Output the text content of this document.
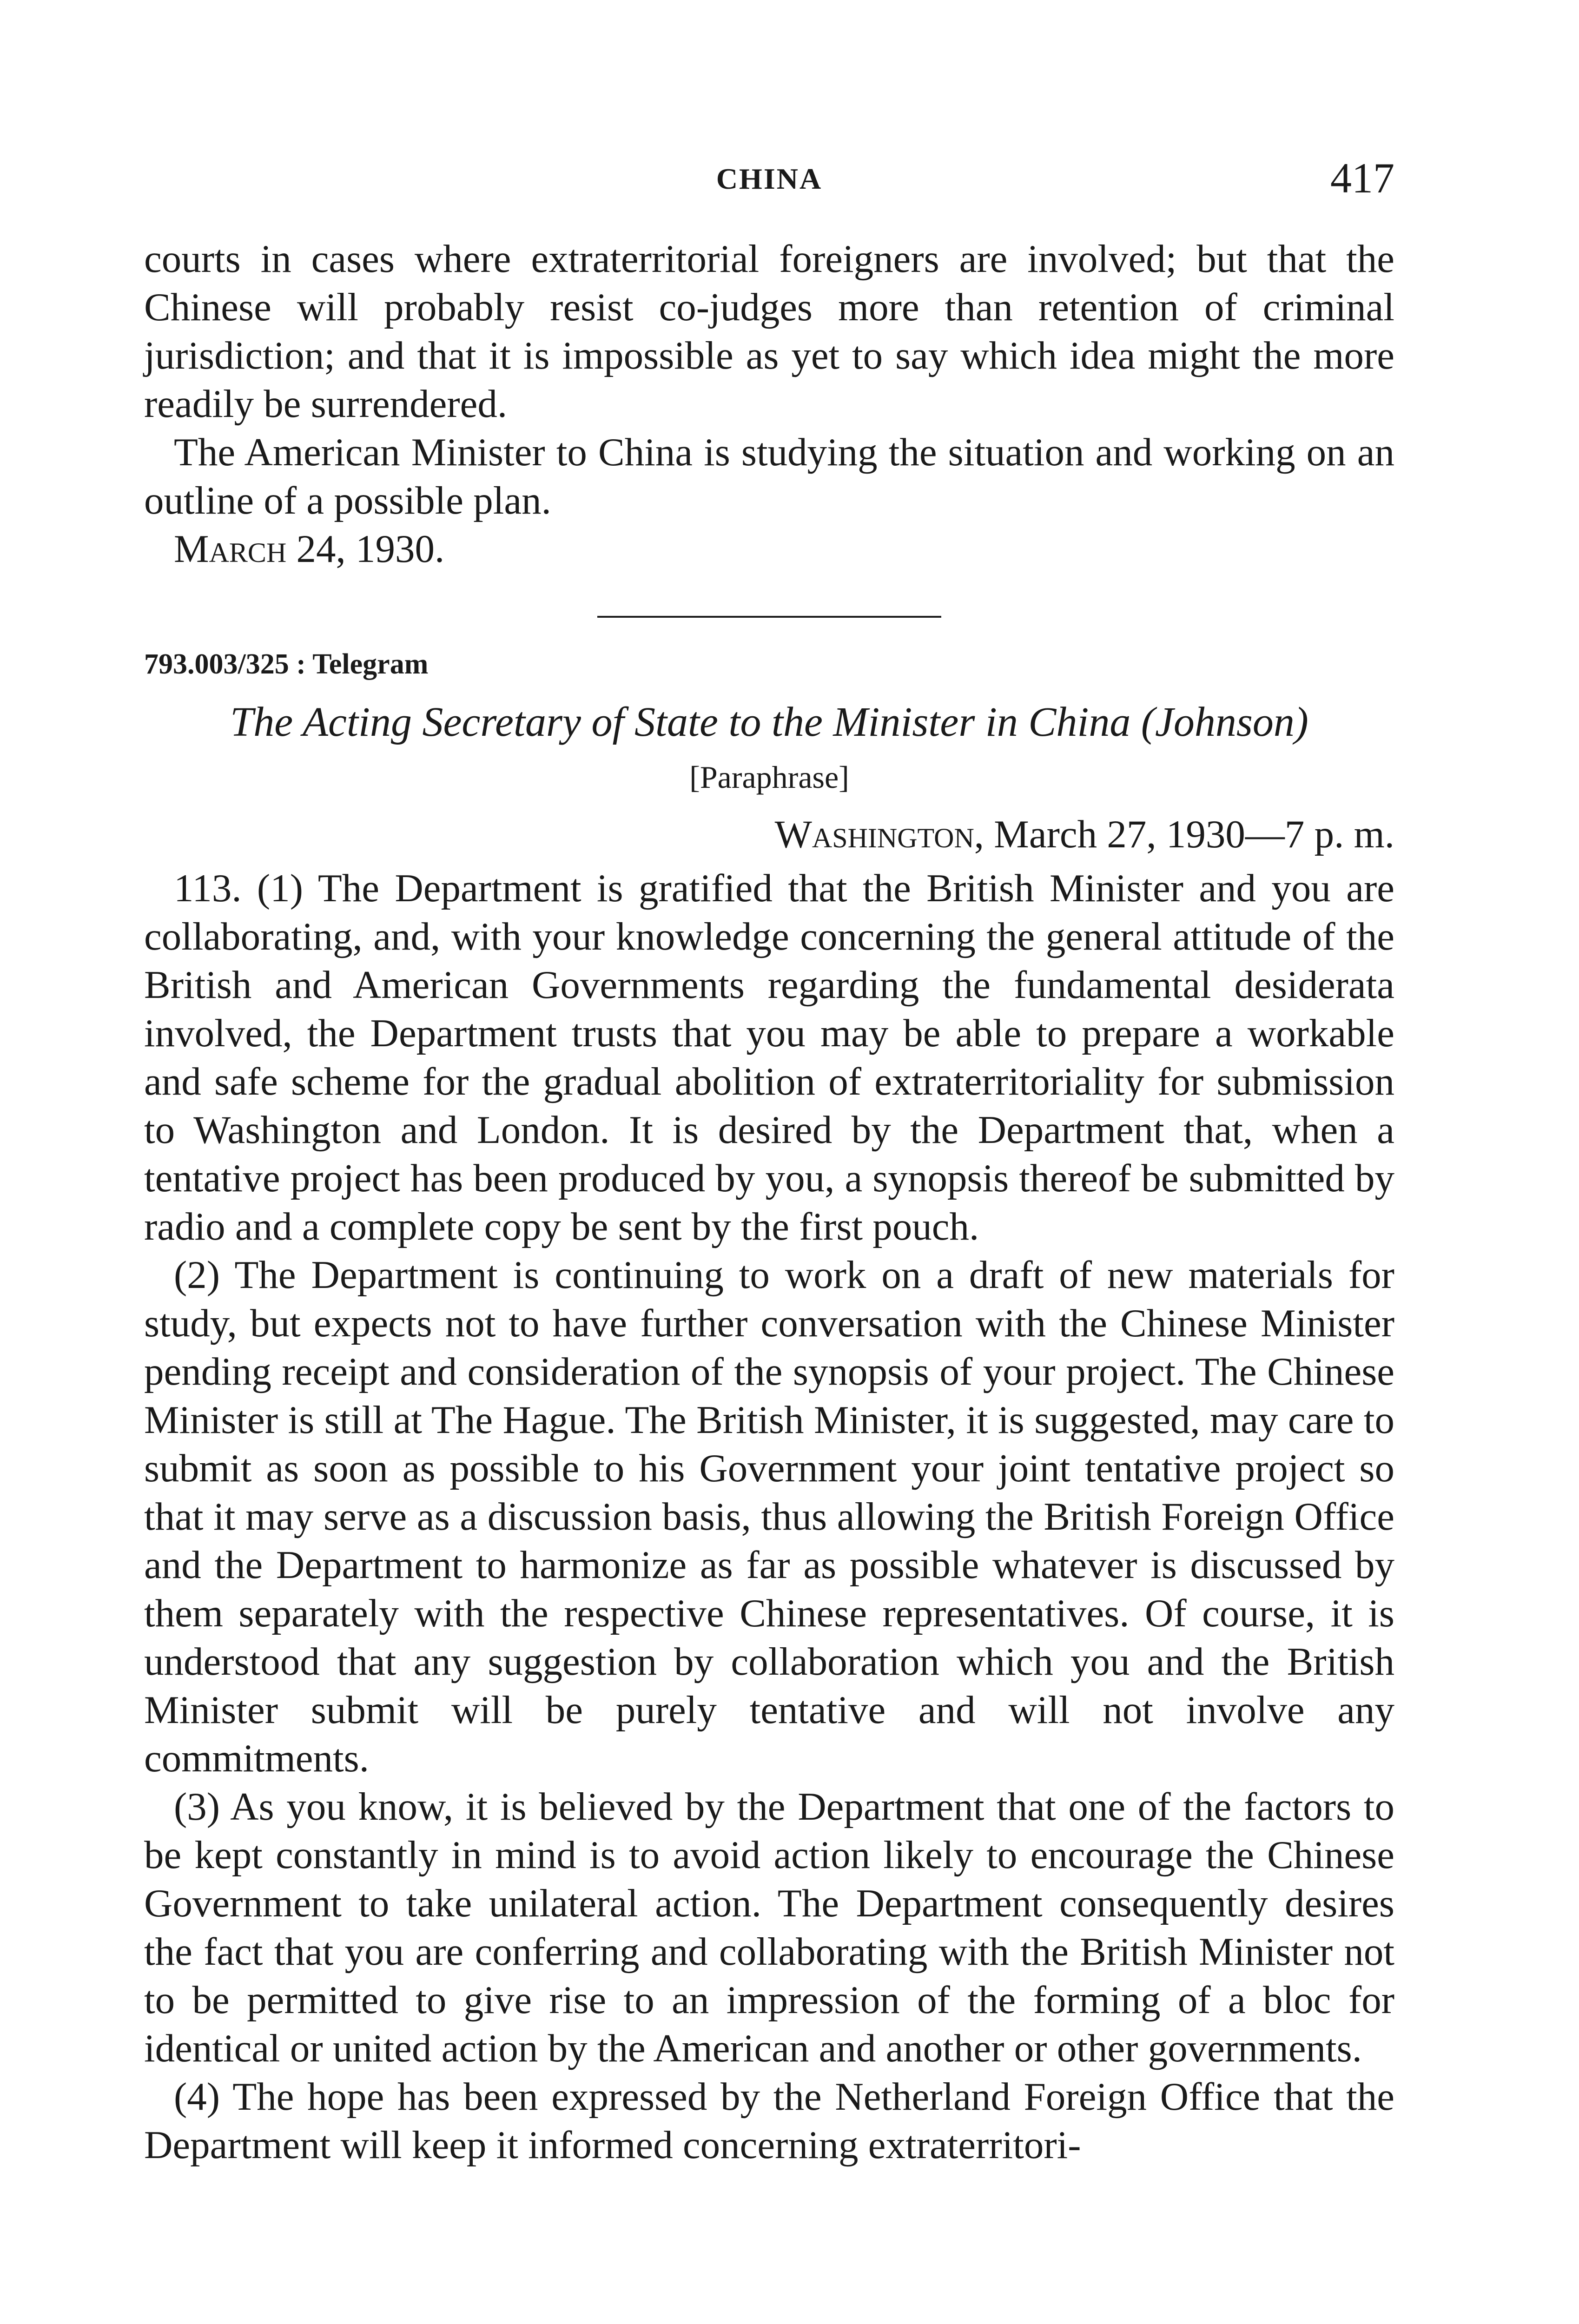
CHINA	417

courts in cases where extraterritorial foreigners are involved; but that the Chinese will probably resist co-judges more than retention of criminal jurisdiction; and that it is impossible as yet to say which idea might the more readily be surrendered.

The American Minister to China is studying the situation and working on an outline of a possible plan.

March 24, 1930.
793.003/325 : Telegram
The Acting Secretary of State to the Minister in China (Johnson)
[Paraphrase]
Washington, March 27, 1930—7 p. m.

113. (1) The Department is gratified that the British Minister and you are collaborating, and, with your knowledge concerning the general attitude of the British and American Governments regarding the fundamental desiderata involved, the Department trusts that you may be able to prepare a workable and safe scheme for the gradual abolition of extraterritoriality for submission to Washington and London. It is desired by the Department that, when a tentative project has been produced by you, a synopsis thereof be submitted by radio and a complete copy be sent by the first pouch.

(2) The Department is continuing to work on a draft of new materials for study, but expects not to have further conversation with the Chinese Minister pending receipt and consideration of the synopsis of your project. The Chinese Minister is still at The Hague. The British Minister, it is suggested, may care to submit as soon as possible to his Government your joint tentative project so that it may serve as a discussion basis, thus allowing the British Foreign Office and the Department to harmonize as far as possible whatever is discussed by them separately with the respective Chinese representatives. Of course, it is understood that any suggestion by collaboration which you and the British Minister submit will be purely tentative and will not involve any commitments.

(3) As you know, it is believed by the Department that one of the factors to be kept constantly in mind is to avoid action likely to encourage the Chinese Government to take unilateral action. The Department consequently desires the fact that you are conferring and collaborating with the British Minister not to be permitted to give rise to an impression of the forming of a bloc for identical or united action by the American and another or other governments.

(4) The hope has been expressed by the Netherland Foreign Office that the Department will keep it informed concerning extraterritori-
